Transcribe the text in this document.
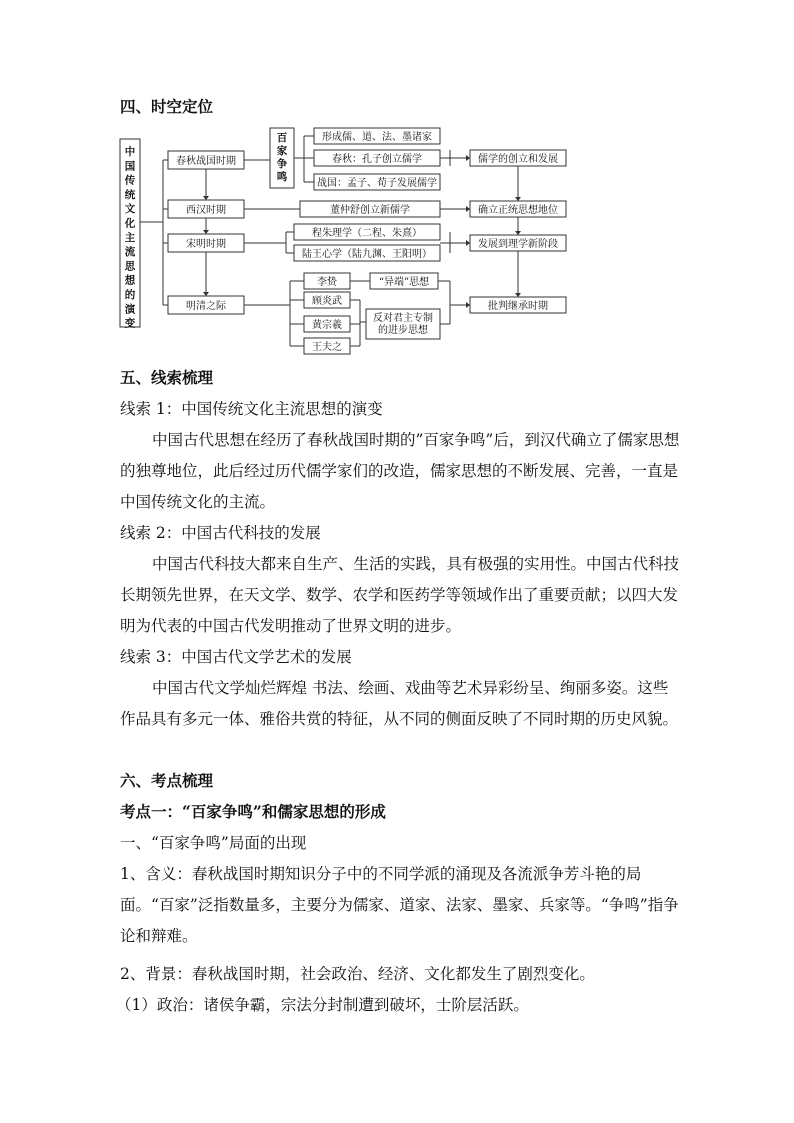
四、时空定位
中国传统文化主流思想的演变
百家争鸣
春秋战国时期
西汉时期
宋明时期
明清之际
形成儒、道、法、墨诸家
春秋：孔子创立儒学
战国：孟子、荀子发展儒学
董仲舒创立新儒学
程朱理学（二程、朱熹）
陆王心学（陆九渊、王阳明）
李贽	“异端”思想
顾炎武
黄宗羲
王夫之
反对君主专制的进步思想
儒学的创立和发展
确立正统思想地位
发展到理学新阶段
批判继承时期
五、线索梳理
线索 1：中国传统文化主流思想的演变
中国古代思想在经历了春秋战国时期的”百家争鸣”后，到汉代确立了儒家思想的独尊地位，此后经过历代儒学家们的改造，儒家思想的不断发展、完善，一直是中国传统文化的主流。
线索 2：中国古代科技的发展
中国古代科技大都来自生产、生活的实践，具有极强的实用性。中国古代科技长期领先世界，在天文学、数学、农学和医药学等领域作出了重要贡献；以四大发明为代表的中国古代发明推动了世界文明的进步。
线索 3：中国古代文学艺术的发展
中国古代文学灿烂辉煌 书法、绘画、戏曲等艺术异彩纷呈、绚丽多姿。这些作品具有多元一体、雅俗共赏的特征，从不同的侧面反映了不同时期的历史风貌。
六、考点梳理
考点一：“百家争鸣”和儒家思想的形成
一、“百家争鸣”局面的出现
1、含义：春秋战国时期知识分子中的不同学派的涌现及各流派争芳斗艳的局面。“百家”泛指数量多，主要分为儒家、道家、法家、墨家、兵家等。“争鸣”指争论和辩难。
2、背景：春秋战国时期，社会政治、经济、文化都发生了剧烈变化。
（1）政治：诸侯争霸，宗法分封制遭到破坏，士阶层活跃。
